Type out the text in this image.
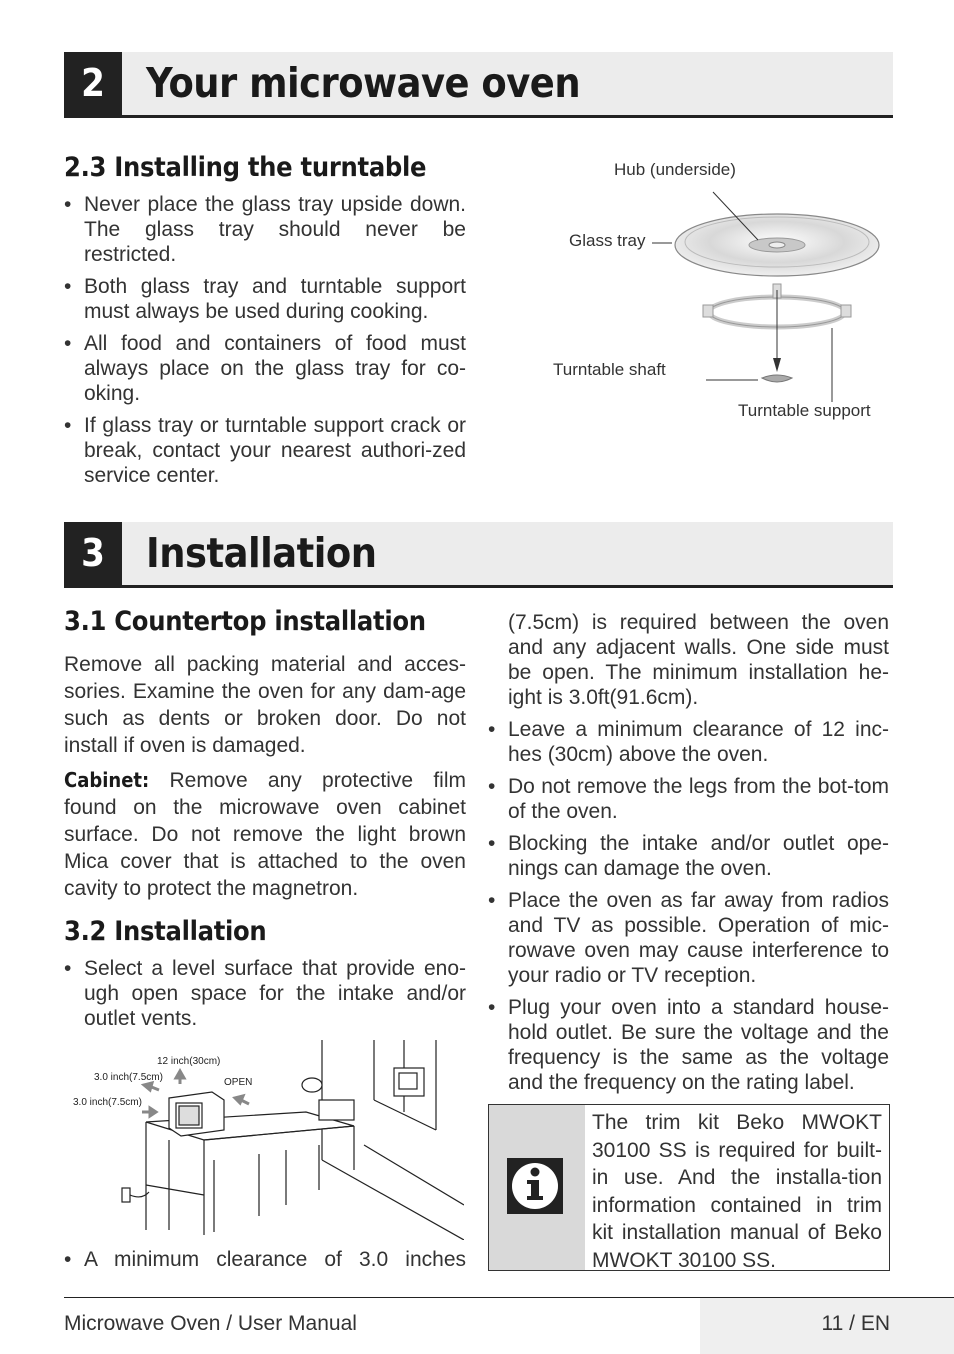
2	Your microwave oven
2.3 Installing the turntable
• Never place the glass tray upside down. The glass tray should never be restricted.
• Both glass tray and turntable support must always be used during cooking.
• All food and containers of food must always place on the glass tray for co-oking.
• If glass tray or turntable support crack or break, contact your nearest authori-zed service center.
Hub (underside)
Glass tray
Turntable shaft
Turntable support
3	Installation
3.1 Countertop installation

Remove all packing material and acces-sories. Examine the oven for any dam-age such as dents or broken door. Do not install if oven is damaged.

Cabinet: Remove any protective film found on the microwave oven cabinet surface. Do not remove the light brown Mica cover that is attached to the oven cavity to protect the magnetron.

3.2 Installation
• Select a level surface that provide eno-ugh open space for the intake and/or outlet vents.
12 inch(30cm)
3.0 inch(7.5cm)
3.0 inch(7.5cm)
OPEN
• A minimum clearance of 3.0 inches

(7.5cm) is required between the oven and any adjacent walls. One side must be open. The minimum installation he-ight is 3.0ft(91.6cm).

• Leave a minimum clearance of 12 inc-hes (30cm) above the oven.
• Do not remove the legs from the bot-tom of the oven.
• Blocking the intake and/or outlet ope-nings can damage the oven.
• Place the oven as far away from radios and TV as possible. Operation of mic-rowave oven may cause interference to your radio or TV reception.
• Plug your oven into a standard house-hold outlet. Be sure the voltage and the frequency is the same as the voltage and the frequency on the rating label.

The trim kit Beko MWOKT 30100 SS is required for built-in use. And the installa-tion information contained in trim kit installation manual of Beko MWOKT 30100 SS.

Microwave Oven / User Manual	11 / EN
